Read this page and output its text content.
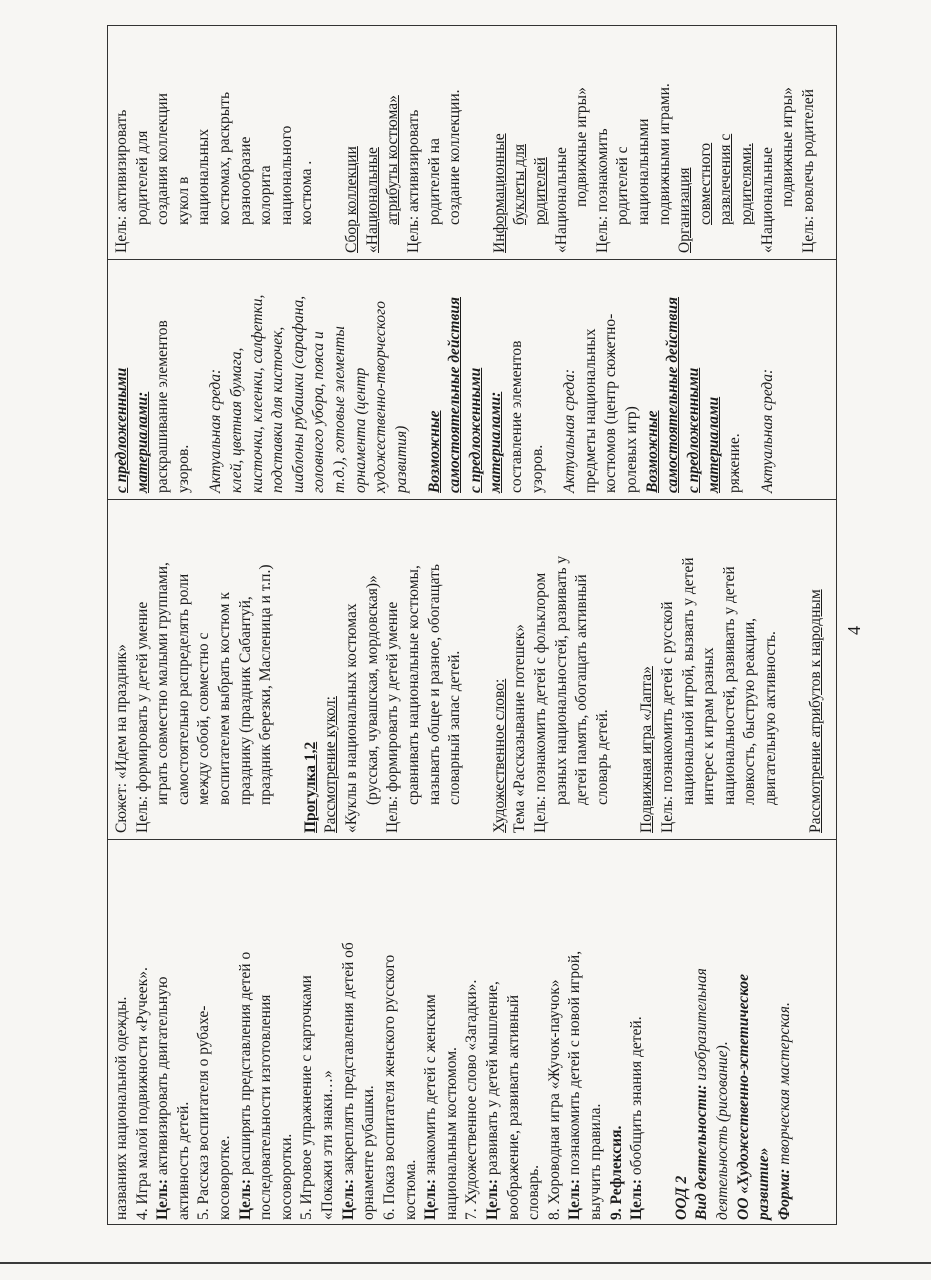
названиях национальной одежды. 4. Игра малой подвижности «Ручеек». Цель: активизировать двигательную активность детей. 5. Рассказ воспитателя о рубахе- косоворотке. Цель: расширять представления детей о последовательности изготовления косоворотки. 5. Игровое упражнение с карточками «Покажи эти знаки…» Цель: закреплять представления детей об орнаменте рубашки. 6. Показ воспитателя женского русского костюма. Цель: знакомить детей с женским национальным костюмом. 7. Художественное слово «Загадки». Цель: развивать у детей мышление, воображение, развивать активный словарь. 8. Хороводная игра «Жучок-паучок» Цель: познакомить детей с новой игрой, выучить правила. 9. Рефлексия. Цель: обобщить знания детей.
ООД 2 Вид деятельности: изобразительная
деятельность (рисование). ОО «Художественно-эстетическое развитие» Форма: творческая мастерская.
Сюжет: «Идем на праздник» Цель: формировать у детей умение играть совместно малыми группами, самостоятельно распределять роли между собой, совместно с воспитателем выбрать костюм к празднику (праздник Сабантуй, праздник березки, Масленица и т.п.) Прогулка 1,2 Рассмотрение кукол: «Куклы в национальных костюмах (русская, чувашская, мордовская)» Цель: формировать у детей умение сравнивать национальные костюмы, называть общее и разное, обогащать словарный запас детей. Художественное слово: Тема «Рассказывание потешек» Цель: познакомить детей с фольклором разных национальностей, развивать у детей память, обогащать активный словарь детей. Подвижная игра «Лапта» Цель: познакомить детей с русской национальной игрой, вызвать у детей интерес к играм разных национальностей, развивать у детей ловкость, быструю реакции, двигательную активность. Рассмотрение атрибутов к народным
с предложенными материалами: раскрашивание элементов узоров. Актуальная среда: клей, цветная бумага, кисточки, клеенки, салфетки, подставки для кисточек, шаблоны рубашки (сарафана, головного убора, пояса и т.д.), готовые элементы орнамента (центр художественно-творческого развития) Возможные самостоятельные действия с предложенными материалами: составление элементов узоров. Актуальная среда: предметы национальных костюмов (центр сюжетно- ролевых игр) Возможные самостоятельные действия с предложенными материалами ряжение. Актуальная среда:
Цель: активизировать родителей для создания коллекции кукол в национальных костюмах, раскрыть разнообразие колорита национального костюма . Сбор коллекции «Национальные атрибуты костюма» Цель: активизировать родителей на создание коллекции. Информационные буклеты для родителей «Национальные подвижные игры» Цель: познакомить родителей с национальными подвижными играми. Организация совместного развлечения с родителями. «Национальные подвижные игры» Цель: вовлечь родителей
4
